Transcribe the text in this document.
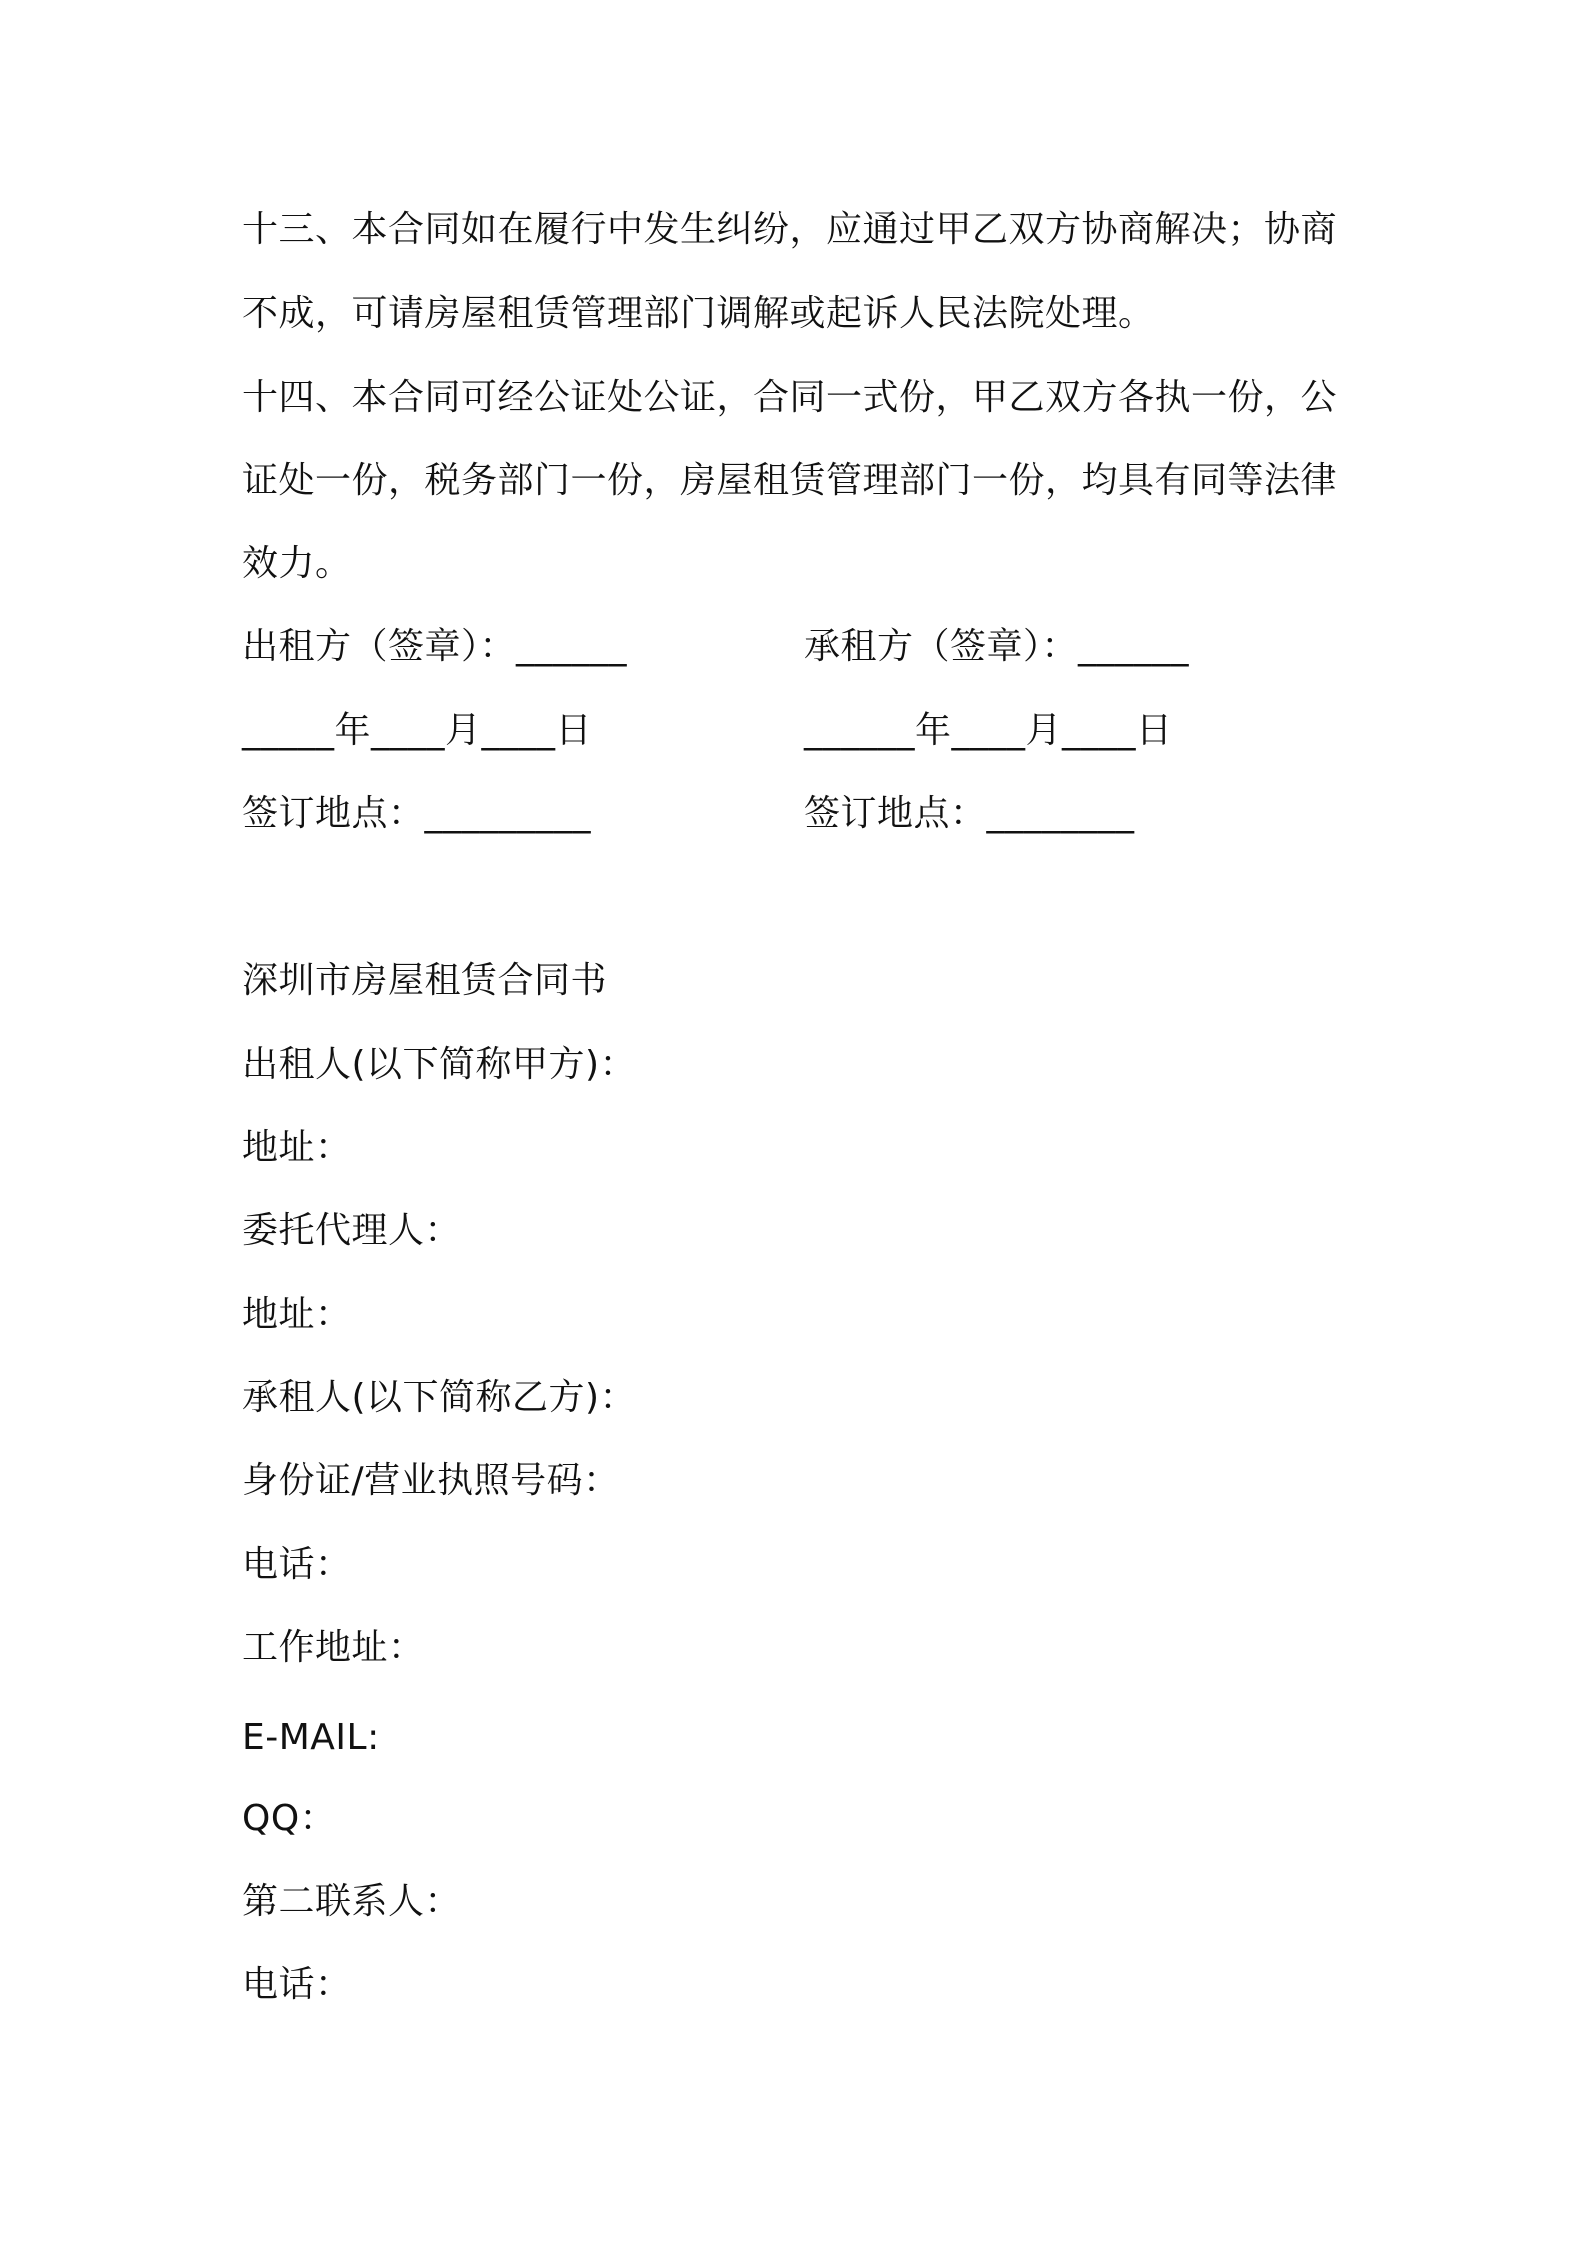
十三、本合同如在履行中发生纠纷，应通过甲乙双方协商解决；协商
不成，可请房屋租赁管理部门调解或起诉人民法院处理。
十四、本合同可经公证处公证，合同一式份，甲乙双方各执一份，公
证处一份，税务部门一份，房屋租赁管理部门一份，均具有同等法律
效力。
出租方（签章）：______	承租方（签章）：______
_____年____月____日	______年____月____日
签订地点：_________	签订地点：________
深圳市房屋租赁合同书
出租人(以下简称甲方)：
地址：
委托代理人：
地址：
承租人(以下简称乙方)：
身份证/营业执照号码：
电话：
工作地址：
E-MAIL:
QQ：
第二联系人：
电话：
